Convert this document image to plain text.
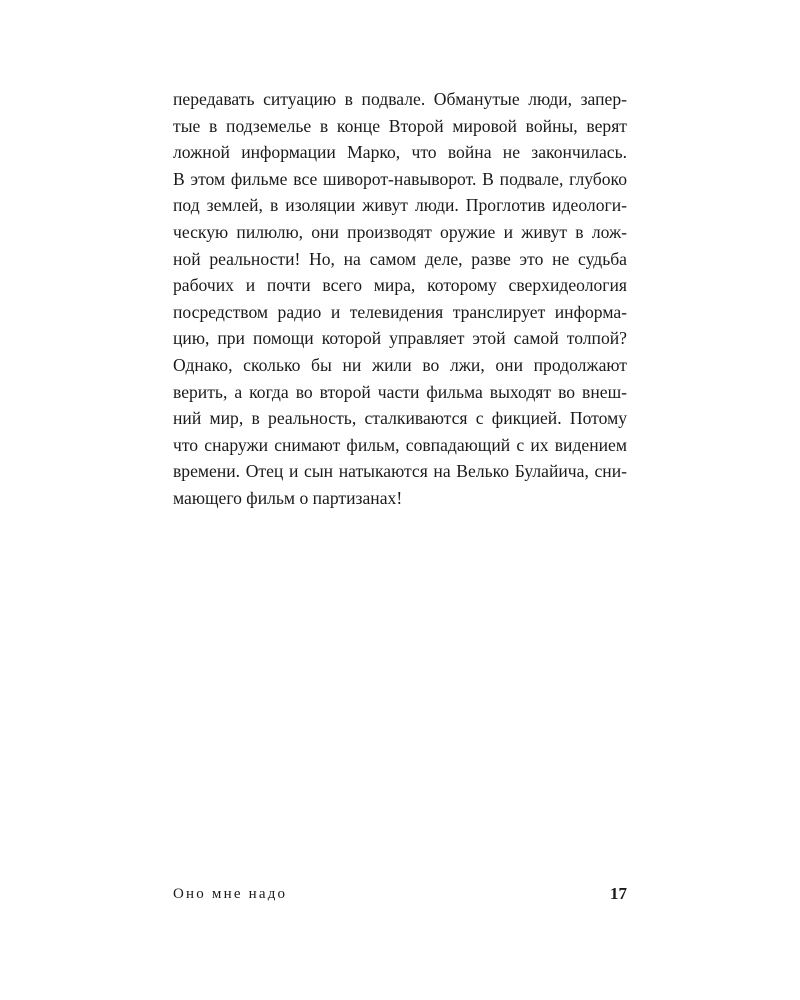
передавать ситуацию в подвале. Обманутые люди, запер-
тые в подземелье в конце Второй мировой войны, верят
ложной информации Марко, что война не закончилась.
В этом фильме все шиворот-навыворот. В подвале, глубоко
под землей, в изоляции живут люди. Проглотив идеологи-
ческую пилюлю, они производят оружие и живут в лож-
ной реальности! Но, на самом деле, разве это не судьба
рабочих и почти всего мира, которому сверхидеология
посредством радио и телевидения транслирует информа-
цию, при помощи которой управляет этой самой толпой?
Однако, сколько бы ни жили во лжи, они продолжают
верить, а когда во второй части фильма выходят во внеш-
ний мир, в реальность, сталкиваются с фикцией. Потому
что снаружи снимают фильм, совпадающий с их видением
времени. Отец и сын натыкаются на Велько Булайича, сни-
мающего фильм о партизанах!
Оно мне надо	17
